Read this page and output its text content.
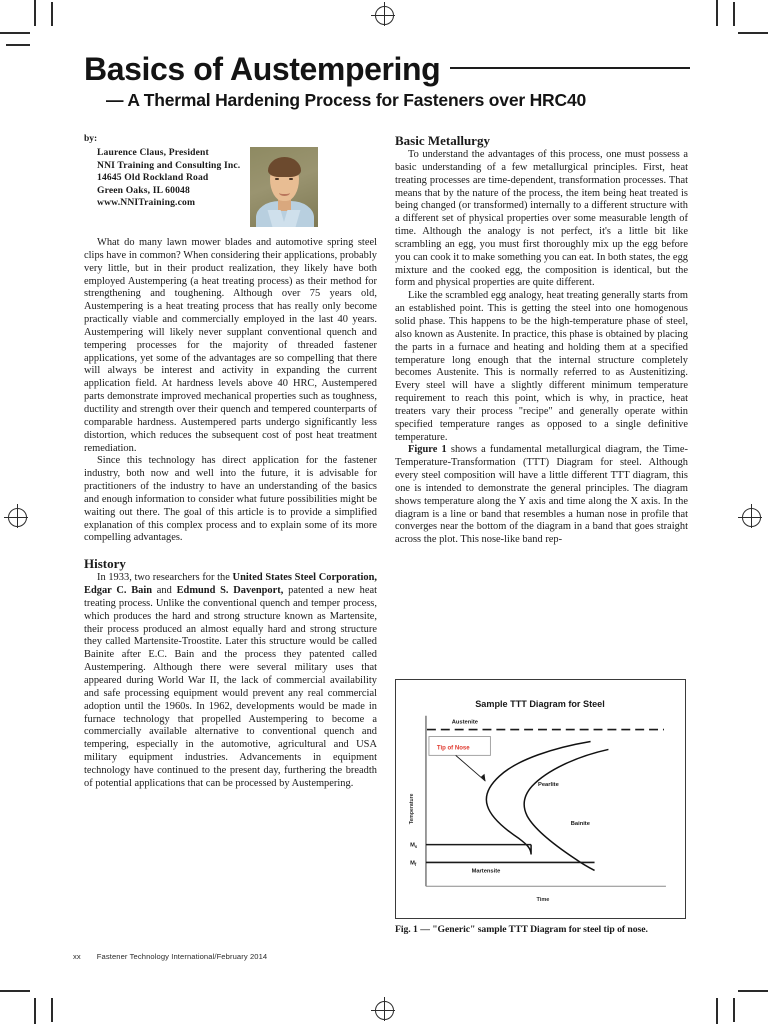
Basics of Austempering
— A Thermal Hardening Process for Fasteners over HRC40
by:
Laurence Claus, President
NNI Training and Consulting Inc.
14645 Old Rockland Road
Green Oaks, IL 60048
www.NNITraining.com

What do many lawn mower blades and automotive spring steel clips have in common? When considering their applications, probably very little, but in their product realization, they likely have both employed Austempering (a heat treating process) as their method for strengthening and toughening. Although over 75 years old, Austempering is a heat treating process that has really only become practically viable and commercially employed in the last 40 years. Austempering will likely never supplant conventional quench and tempering processes for the majority of threaded fastener applications, yet some of the advantages are so compelling that there will always be interest and activity in expanding the current application field. At hardness levels above 40 HRC, Austempered parts demonstrate improved mechanical properties such as toughness, ductility and strength over their quench and tempered counterparts of comparable hardness. Austempered parts undergo significantly less distortion, which reduces the subsequent cost of post heat treatment remediation.

Since this technology has direct application for the fastener industry, both now and well into the future, it is advisable for practitioners of the industry to have an understanding of the basics and enough information to consider what future possibilities might be waiting out there. The goal of this article is to provide a simplified explanation of this complex process and to explain some of its more compelling advantages.

History

In 1933, two researchers for the United States Steel Corporation, Edgar C. Bain and Edmund S. Davenport, patented a new heat treating process. Unlike the conventional quench and temper process, which produces the hard and strong structure known as Martensite, their process produced an almost equally hard and strong structure they called Martensite-Troostite. Later this structure would be called Bainite after E.C. Bain and the process they patented called Austempering. Although there were several military uses that appeared during World War II, the lack of commercial availability and safe processing equipment would prevent any real commercial adoption until the 1960s. In 1962, developments would be made in furnace technology that propelled Austempering to become a commercially available alternative to conventional quench and tempering, especially in the automotive, agricultural and USA military equipment industries. Advancements in equipment technology have continued to the present day, furthering the breadth of potential applications that can be processed by Austempering.

Basic Metallurgy

To understand the advantages of this process, one must possess a basic understanding of a few metallurgical principles. First, heat treating processes are time-dependent, transformation processes. That means that by the nature of the process, the item being heat treated is being changed (or transformed) internally to a different structure with a different set of physical properties over some measurable length of time. Although the analogy is not perfect, it's a little bit like scrambling an egg, you must first thoroughly mix up the egg before you can cook it to make something you can eat. In both states, the egg mixture and the cooked egg, the composition is identical, but the form and physical properties are quite different.

Like the scrambled egg analogy, heat treating generally starts from an established point. This is getting the steel into one homogenous solid phase. This happens to be the high-temperature phase of steel, also known as Austenite. In practice, this phase is obtained by placing the parts in a furnace and heating and holding them at a specified temperature long enough that the internal structure completely becomes Austenite. This is normally referred to as Austenitizing. Every steel will have a slightly different minimum temperature requirement to reach this point, which is why, in practice, heat treaters vary their process "recipe" and generally operate within specified temperature ranges as opposed to a single definitive temperature.

Figure 1 shows a fundamental metallurgical diagram, the Time-Temperature-Transformation (TTT) Diagram for steel. Although every steel composition will have a little different TTT diagram, this one is intended to demonstrate the general principles. The diagram shows temperature along the Y axis and time along the X axis. In the diagram is a line or band that resembles a human nose in profile that converges near the bottom of the diagram in a band that goes straight across the plot. This nose-like band rep-

Sample TTT Diagram for Steel
Temperature
Time
Austenite
$M_s$
$M_f$
Pearlite
Bainite
Martensite
Tip of Nose
Fig. 1 — "Generic" sample TTT Diagram for steel tip of nose.
xx Fastener Technology International/February 2014
